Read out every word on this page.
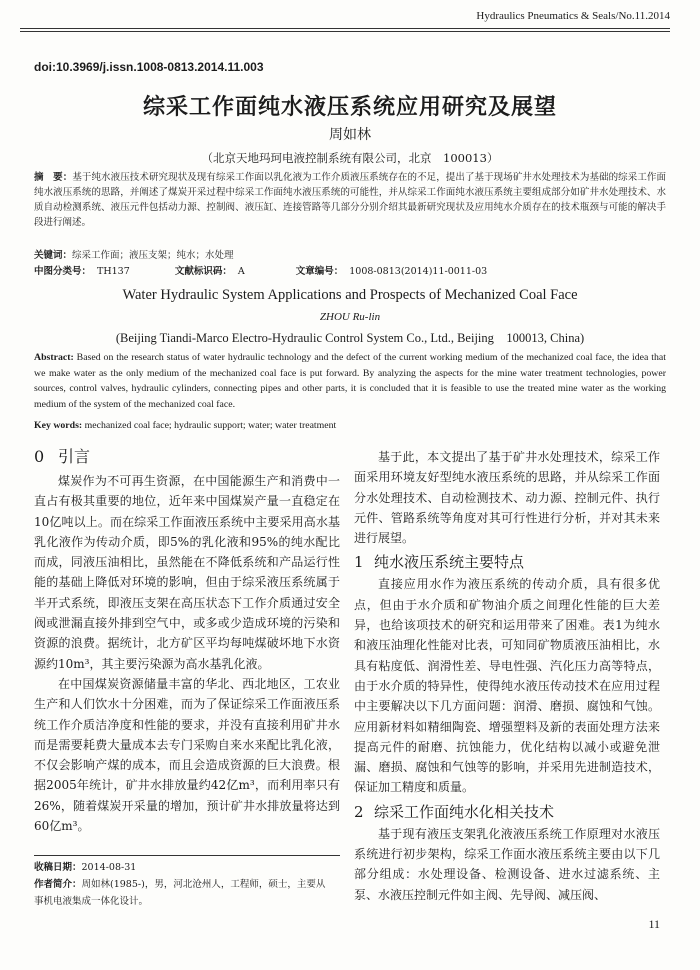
Hydraulics Pneumatics & Seals/No.11.2014
doi:10.3969/j.issn.1008-0813.2014.11.003
综采工作面纯水液压系统应用研究及展望
周如林
（北京天地玛珂电液控制系统有限公司，北京　100013）
摘　要：基于纯水液压技术研究现状及现有综采工作面以乳化液为工作介质液压系统存在的不足，提出了基于现场矿井水处理技术为基础的综采工作面纯水液压系统的思路，并阐述了煤炭开采过程中综采工作面纯水液压系统的可能性，并从综采工作面纯水液压系统主要组成部分如矿井水处理技术、水质自动检测系统、液压元件包括动力源、控制阀、液压缸、连接管路等几部分分别介绍其最新研究现状及应用纯水介质存在的技术瓶颈与可能的解决手段进行阐述。
关键词：综采工作面；液压支架；纯水；水处理
中图分类号： TH137	文献标识码： A	文章编号： 1008-0813(2014)11-0011-03
Water Hydraulic System Applications and Prospects of Mechanized Coal Face
ZHOU Ru-lin
(Beijing Tiandi-Marco Electro-Hydraulic Control System Co., Ltd., Beijing　100013, China)
Abstract: Based on the research status of water hydraulic technology and the defect of the current working medium of the mechanized coal face, the idea that we make water as the only medium of the mechanized coal face is put forward. By analyzing the aspects for the mine water treatment technologies, power sources, control valves, hydraulic cylinders, connecting pipes and other parts, it is concluded that it is feasible to use the treated mine water as the working medium of the system of the mechanized coal face.
Key words: mechanized coal face; hydraulic support; water; water treatment
0 引言

煤炭作为不可再生资源，在中国能源生产和消费中一直占有极其重要的地位，近年来中国煤炭产量一直稳定在10亿吨以上。而在综采工作面液压系统中主要采用高水基乳化液作为传动介质，即5%的乳化液和95%的纯水配比而成，同液压油相比，虽然能在不降低系统和产品运行性能的基础上降低对环境的影响，但由于综采液压系统属于半开式系统，即液压支架在高压状态下工作介质通过安全阀或泄漏直接外排到空气中，或多或少造成环境的污染和资源的浪费。据统计，北方矿区平均每吨煤破坏地下水资源约10m³，其主要污染源为高水基乳化液。

在中国煤炭资源储量丰富的华北、西北地区，工农业生产和人们饮水十分困难，而为了保证综采工作面液压系统工作介质洁净度和性能的要求，并没有直接利用矿井水而是需要耗费大量成本去专门采购自来水来配比乳化液，不仅会影响产煤的成本，而且会造成资源的巨大浪费。根据2005年统计，矿井水排放量约42亿m³，而利用率只有26%，随着煤炭开采量的增加，预计矿井水排放量将达到60亿m³。

收稿日期：2014-08-31
作者简介：周如林(1985-)，男，河北沧州人，工程师，硕士，主要从事机电液集成一体化设计。

基于此，本文提出了基于矿井水处理技术，综采工作面采用环境友好型纯水液压系统的思路，并从综采工作面分水处理技术、自动检测技术、动力源、控制元件、执行元件、管路系统等角度对其可行性进行分析，并对其未来进行展望。

1 纯水液压系统主要特点

直接应用水作为液压系统的传动介质，具有很多优点，但由于水介质和矿物油介质之间理化性能的巨大差异，也给该项技术的研究和运用带来了困难。表1为纯水和液压油理化性能对比表，可知同矿物质液压油相比，水具有粘度低、润滑性差、导电性强、汽化压力高等特点，由于水介质的特异性，使得纯水液压传动技术在应用过程中主要解决以下几方面问题：润滑、磨损、腐蚀和气蚀。应用新材料如精细陶瓷、增强塑料及新的表面处理方法来提高元件的耐磨、抗蚀能力，优化结构以减小或避免泄漏、磨损、腐蚀和气蚀等的影响，并采用先进制造技术，保证加工精度和质量。

2 综采工作面纯水化相关技术

基于现有液压支架乳化液液压系统工作原理对水液压系统进行初步架构，综采工作面水液压系统主要由以下几部分组成：水处理设备、检测设备、进水过滤系统、主泵、水液压控制元件如主阀、先导阀、减压阀、

11
